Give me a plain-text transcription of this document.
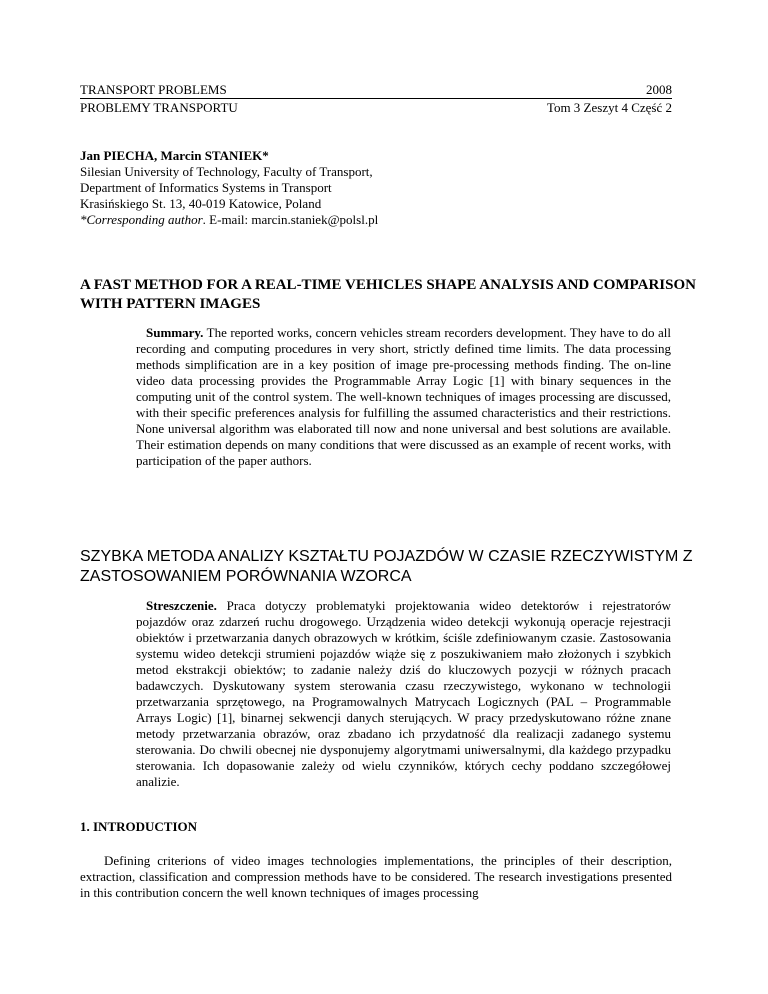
TRANSPORT PROBLEMS	2008
PROBLEMY TRANSPORTU	Tom 3 Zeszyt 4 Część 2
Jan PIECHA, Marcin STANIEK*
Silesian University of Technology, Faculty of Transport,
Department of Informatics Systems in Transport
Krasińskiego St. 13, 40-019 Katowice, Poland
*Corresponding author. E-mail: marcin.staniek@polsl.pl
A FAST METHOD FOR A REAL-TIME VEHICLES SHAPE ANALYSIS AND COMPARISON WITH PATTERN IMAGES
Summary. The reported works, concern vehicles stream recorders development. They have to do all recording and computing procedures in very short, strictly defined time limits. The data processing methods simplification are in a key position of image pre-processing methods finding. The on-line video data processing provides the Programmable Array Logic [1] with binary sequences in the computing unit of the control system. The well-known techniques of images processing are discussed, with their specific preferences analysis for fulfilling the assumed characteristics and their restrictions. None universal algorithm was elaborated till now and none universal and best solutions are available. Their estimation depends on many conditions that were discussed as an example of recent works, with participation of the paper authors.
SZYBKA METODA ANALIZY KSZTAŁTU POJAZDÓW W CZASIE RZECZYWISTYM Z ZASTOSOWANIEM PORÓWNANIA WZORCA
Streszczenie. Praca dotyczy problematyki projektowania wideo detektorów i rejestratorów pojazdów oraz zdarzeń ruchu drogowego. Urządzenia wideo detekcji wykonują operacje rejestracji obiektów i przetwarzania danych obrazowych w krótkim, ściśle zdefiniowanym czasie. Zastosowania systemu wideo detekcji strumieni pojazdów wiąże się z poszukiwaniem mało złożonych i szybkich metod ekstrakcji obiektów; to zadanie należy dziś do kluczowych pozycji w różnych pracach badawczych. Dyskutowany system sterowania czasu rzeczywistego, wykonano w technologii przetwarzania sprzętowego, na Programowalnych Matrycach Logicznych (PAL – Programmable Arrays Logic) [1], binarnej sekwencji danych sterujących. W pracy przedyskutowano różne znane metody przetwarzania obrazów, oraz zbadano ich przydatność dla realizacji zadanego systemu sterowania. Do chwili obecnej nie dysponujemy algorytmami uniwersalnymi, dla każdego przypadku sterowania. Ich dopasowanie zależy od wielu czynników, których cechy poddano szczegółowej analizie.
1. INTRODUCTION
Defining criterions of video images technologies implementations, the principles of their description, extraction, classification and compression methods have to be considered. The research investigations presented in this contribution concern the well known techniques of images processing
